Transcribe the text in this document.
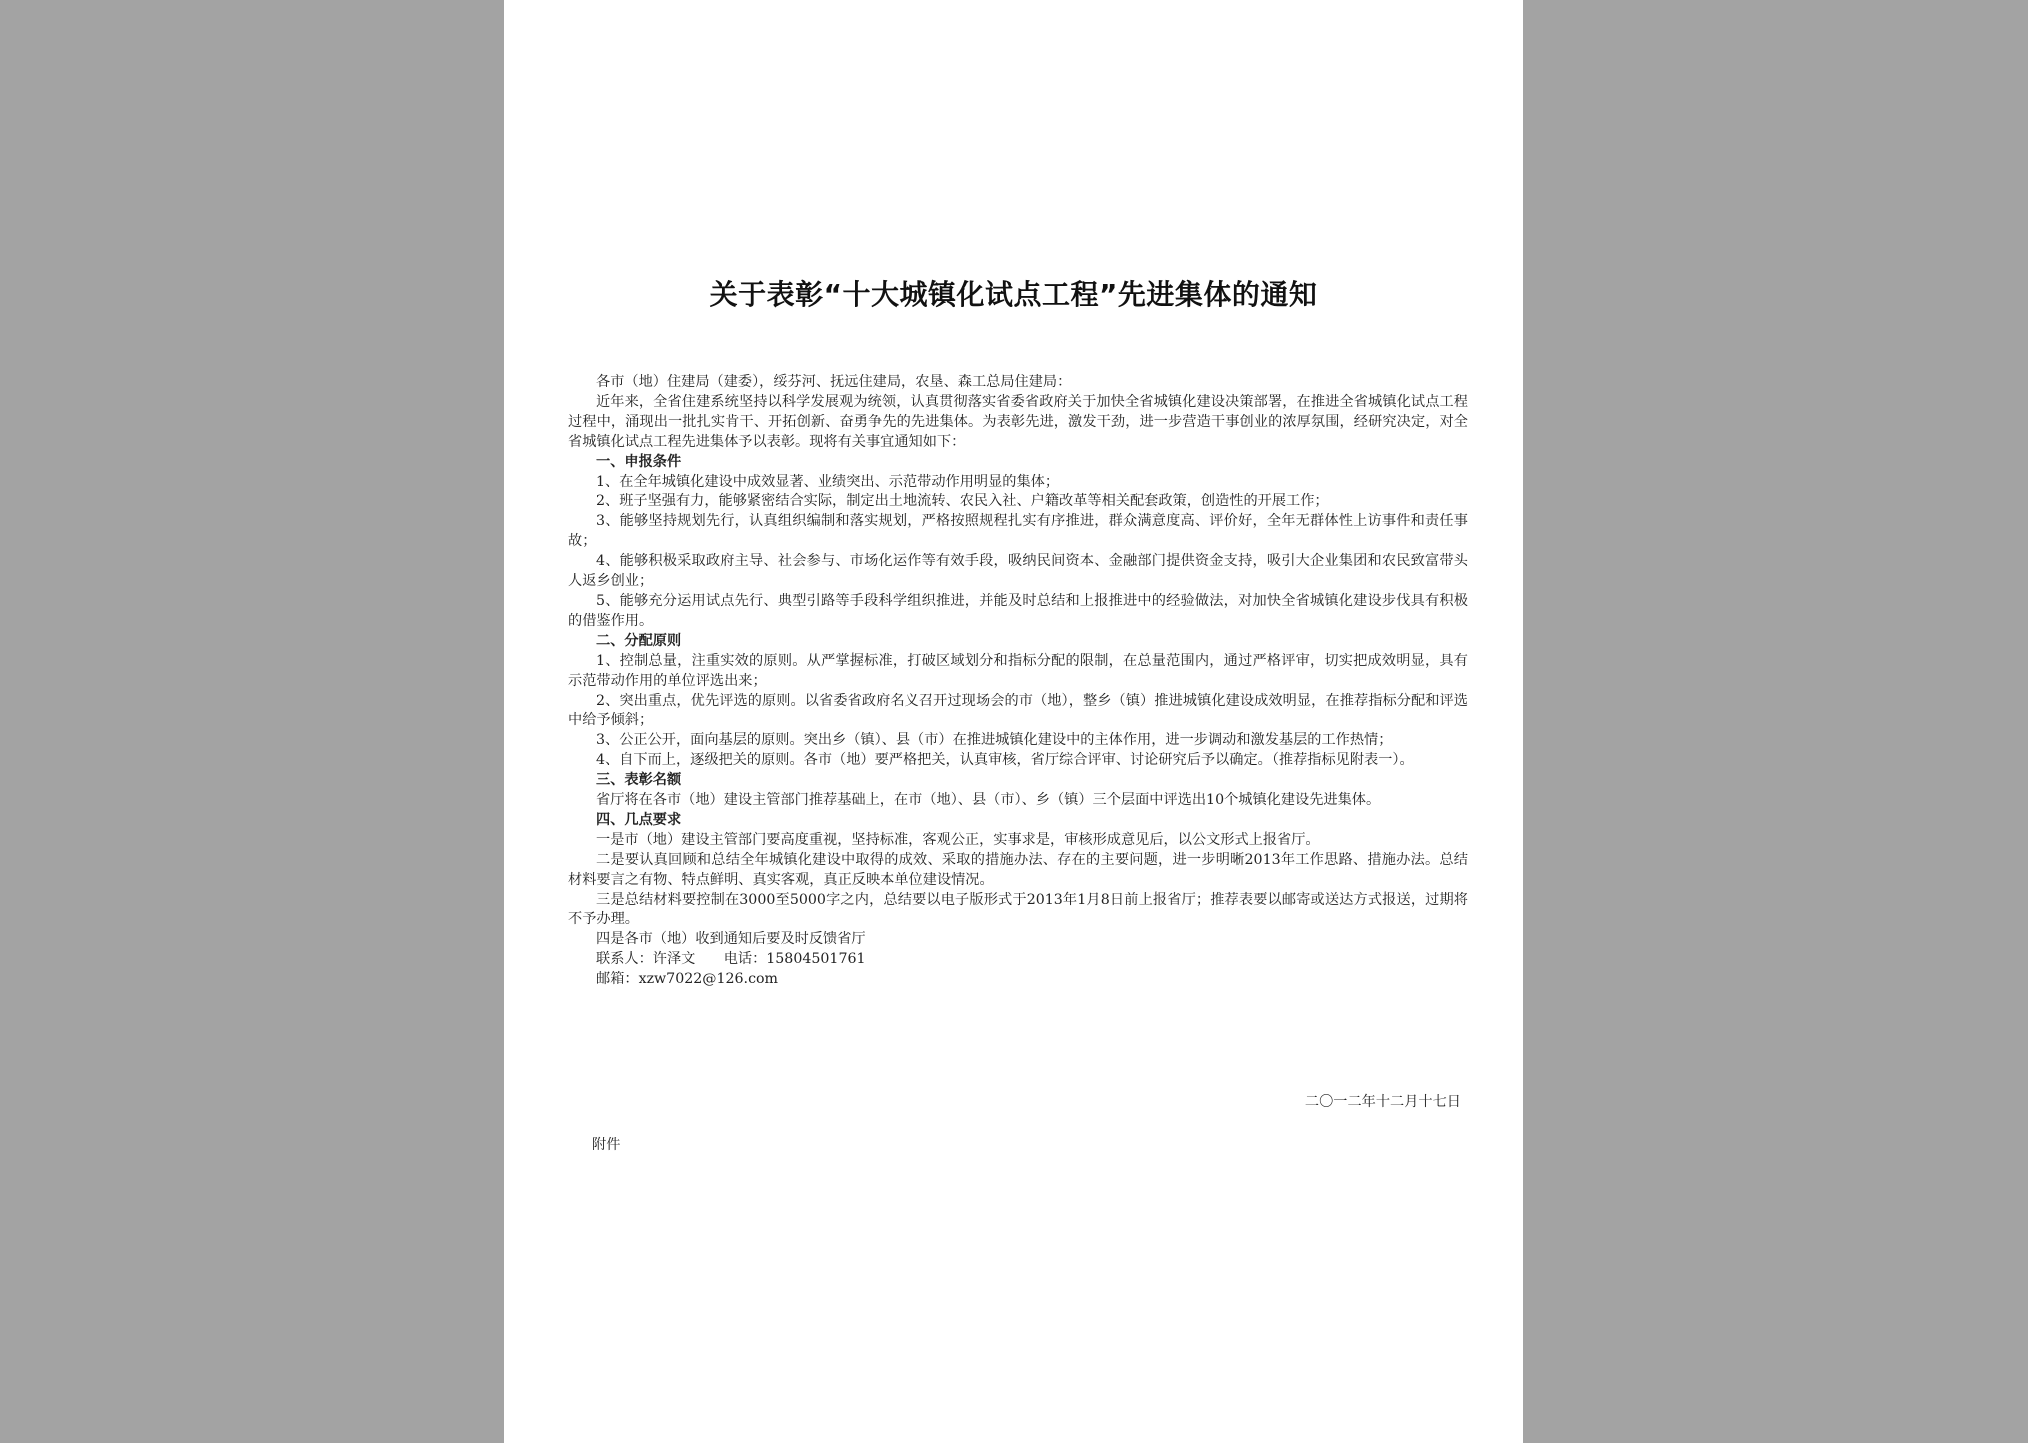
关于表彰“十大城镇化试点工程”先进集体的通知

各市（地）住建局（建委），绥芬河、抚远住建局，农垦、森工总局住建局：

近年来，全省住建系统坚持以科学发展观为统领，认真贯彻落实省委省政府关于加快全省城镇化建设决策部署，在推进全省城镇化试点工程过程中，涌现出一批扎实肯干、开拓创新、奋勇争先的先进集体。为表彰先进，激发干劲，进一步营造干事创业的浓厚氛围，经研究决定，对全省城镇化试点工程先进集体予以表彰。现将有关事宜通知如下：

一、申报条件

1、在全年城镇化建设中成效显著、业绩突出、示范带动作用明显的集体；

2、班子坚强有力，能够紧密结合实际，制定出土地流转、农民入社、户籍改革等相关配套政策，创造性的开展工作；

3、能够坚持规划先行，认真组织编制和落实规划，严格按照规程扎实有序推进，群众满意度高、评价好，全年无群体性上访事件和责任事故；

4、能够积极采取政府主导、社会参与、市场化运作等有效手段，吸纳民间资本、金融部门提供资金支持，吸引大企业集团和农民致富带头人返乡创业；

5、能够充分运用试点先行、典型引路等手段科学组织推进，并能及时总结和上报推进中的经验做法，对加快全省城镇化建设步伐具有积极的借鉴作用。

二、分配原则

1、控制总量，注重实效的原则。从严掌握标准，打破区域划分和指标分配的限制，在总量范围内，通过严格评审，切实把成效明显，具有示范带动作用的单位评选出来；

2、突出重点，优先评选的原则。以省委省政府名义召开过现场会的市（地），整乡（镇）推进城镇化建设成效明显，在推荐指标分配和评选中给予倾斜；

3、公正公开，面向基层的原则。突出乡（镇）、县（市）在推进城镇化建设中的主体作用，进一步调动和激发基层的工作热情；

4、自下而上，逐级把关的原则。各市（地）要严格把关，认真审核，省厅综合评审、讨论研究后予以确定。（推荐指标见附表一）。

三、表彰名额

省厅将在各市（地）建设主管部门推荐基础上，在市（地）、县（市）、乡（镇）三个层面中评选出10个城镇化建设先进集体。

四、几点要求

一是市（地）建设主管部门要高度重视，坚持标准，客观公正，实事求是，审核形成意见后，以公文形式上报省厅。

二是要认真回顾和总结全年城镇化建设中取得的成效、采取的措施办法、存在的主要问题，进一步明晰2013年工作思路、措施办法。总结材料要言之有物、特点鲜明、真实客观，真正反映本单位建设情况。

三是总结材料要控制在3000至5000字之内，总结要以电子版形式于2013年1月8日前上报省厅；推荐表要以邮寄或送达方式报送，过期将不予办理。

四是各市（地）收到通知后要及时反馈省厅

联系人：许泽文　　电话：15804501761
邮箱：xzw7022@126.com
二〇一二年十二月十七日
附件
